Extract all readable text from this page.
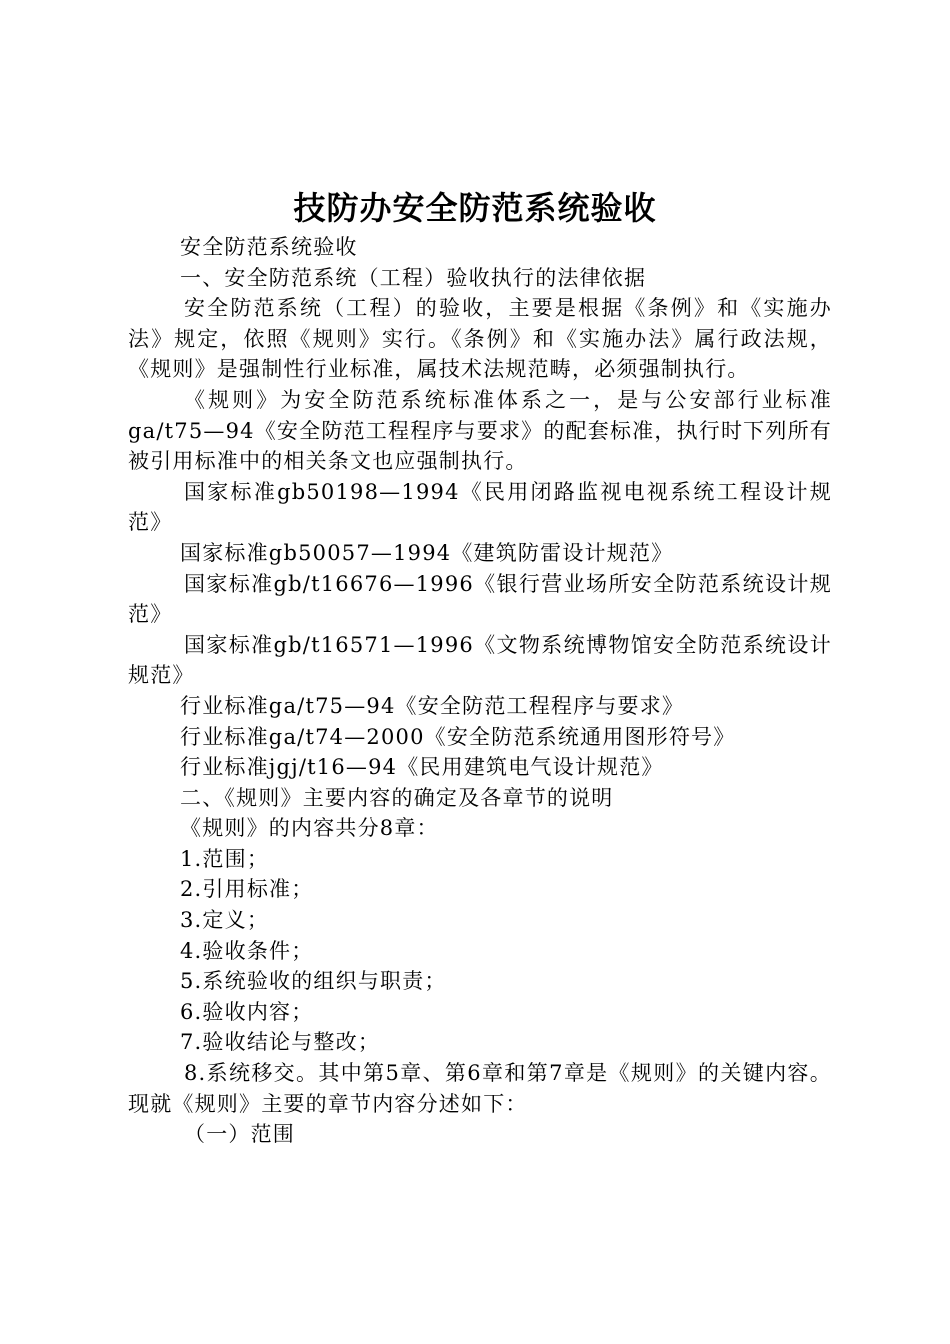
技防办安全防范系统验收

安全防范系统验收

一、安全防范系统（工程）验收执行的法律依据

安全防范系统（工程）的验收，主要是根据《条例》和《实施办法》规定，依照《规则》实行。《条例》和《实施办法》属行政法规，《规则》是强制性行业标准，属技术法规范畴，必须强制执行。

《规则》为安全防范系统标准体系之一，是与公安部行业标准ga/t75—94《安全防范工程程序与要求》的配套标准，执行时下列所有被引用标准中的相关条文也应强制执行。

国家标准gb50198—1994《民用闭路监视电视系统工程设计规范》

国家标准gb50057—1994《建筑防雷设计规范》

国家标准gb/t16676—1996《银行营业场所安全防范系统设计规范》

国家标准gb/t16571—1996《文物系统博物馆安全防范系统设计规范》

行业标准ga/t75—94《安全防范工程程序与要求》

行业标准ga/t74—2000《安全防范系统通用图形符号》

行业标准jgj/t16—94《民用建筑电气设计规范》

二、《规则》主要内容的确定及各章节的说明

《规则》的内容共分8章：

1.范围；

2.引用标准；

3.定义；

4.验收条件；

5.系统验收的组织与职责；

6.验收内容；

7.验收结论与整改；

8.系统移交。其中第5章、第6章和第7章是《规则》的关键内容。现就《规则》主要的章节内容分述如下：

（一）范围
